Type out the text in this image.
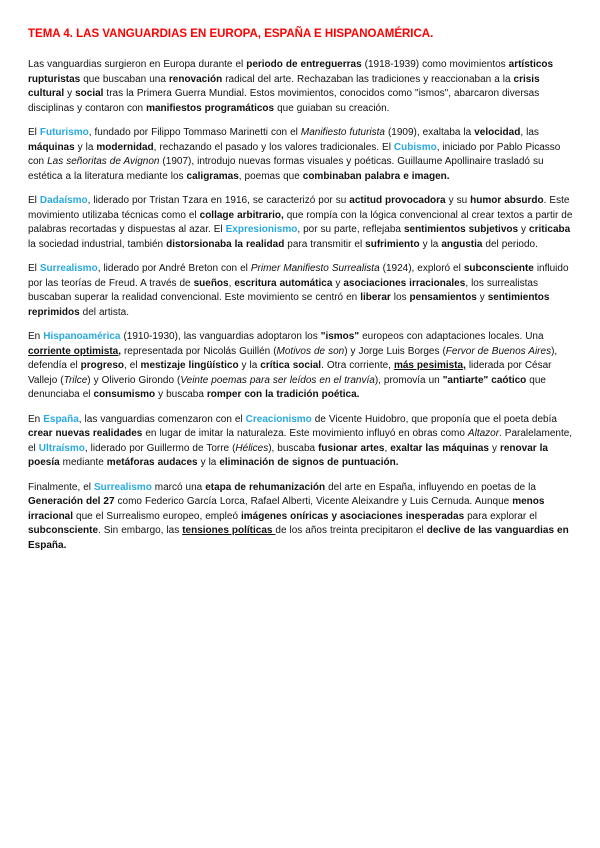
TEMA 4. LAS VANGUARDIAS EN EUROPA, ESPAÑA E HISPANOAMÉRICA.

Las vanguardias surgieron en Europa durante el periodo de entreguerras (1918-1939) como movimientos artísticos rupturistas que buscaban una renovación radical del arte. Rechazaban las tradiciones y reaccionaban a la crisis cultural y social tras la Primera Guerra Mundial. Estos movimientos, conocidos como "ismos", abarcaron diversas disciplinas y contaron con manifiestos programáticos que guiaban su creación.

El Futurismo, fundado por Filippo Tommaso Marinetti con el Manifiesto futurista (1909), exaltaba la velocidad, las máquinas y la modernidad, rechazando el pasado y los valores tradicionales. El Cubismo, iniciado por Pablo Picasso con Las señoritas de Avignon (1907), introdujo nuevas formas visuales y poéticas. Guillaume Apollinaire trasladó su estética a la literatura mediante los caligramas, poemas que combinaban palabra e imagen.

El Dadaísmo, liderado por Tristan Tzara en 1916, se caracterizó por su actitud provocadora y su humor absurdo. Este movimiento utilizaba técnicas como el collage arbitrario, que rompía con la lógica convencional al crear textos a partir de palabras recortadas y dispuestas al azar. El Expresionismo, por su parte, reflejaba sentimientos subjetivos y criticaba la sociedad industrial, también distorsionaba la realidad para transmitir el sufrimiento y la angustia del periodo.

El Surrealismo, liderado por André Breton con el Primer Manifiesto Surrealista (1924), exploró el subconsciente influido por las teorías de Freud. A través de sueños, escritura automática y asociaciones irracionales, los surrealistas buscaban superar la realidad convencional. Este movimiento se centró en liberar los pensamientos y sentimientos reprimidos del artista.

En Hispanoamérica (1910-1930), las vanguardias adoptaron los "ismos" europeos con adaptaciones locales. Una corriente optimista, representada por Nicolás Guillén (Motivos de son) y Jorge Luis Borges (Fervor de Buenos Aires), defendía el progreso, el mestizaje lingüístico y la crítica social. Otra corriente, más pesimista, liderada por César Vallejo (Trilce) y Oliverio Girondo (Veinte poemas para ser leídos en el tranvía), promovía un "antiarte" caótico que denunciaba el consumismo y buscaba romper con la tradición poética.

En España, las vanguardias comenzaron con el Creacionismo de Vicente Huidobro, que proponía que el poeta debía crear nuevas realidades en lugar de imitar la naturaleza. Este movimiento influyó en obras como Altazor. Paralelamente, el Ultraísmo, liderado por Guillermo de Torre (Hélices), buscaba fusionar artes, exaltar las máquinas y renovar la poesía mediante metáforas audaces y la eliminación de signos de puntuación.

Finalmente, el Surrealismo marcó una etapa de rehumanización del arte en España, influyendo en poetas de la Generación del 27 como Federico García Lorca, Rafael Alberti, Vicente Aleixandre y Luis Cernuda. Aunque menos irracional que el Surrealismo europeo, empleó imágenes oníricas y asociaciones inesperadas para explorar el subconsciente. Sin embargo, las tensiones políticas de los años treinta precipitaron el declive de las vanguardias en España.
